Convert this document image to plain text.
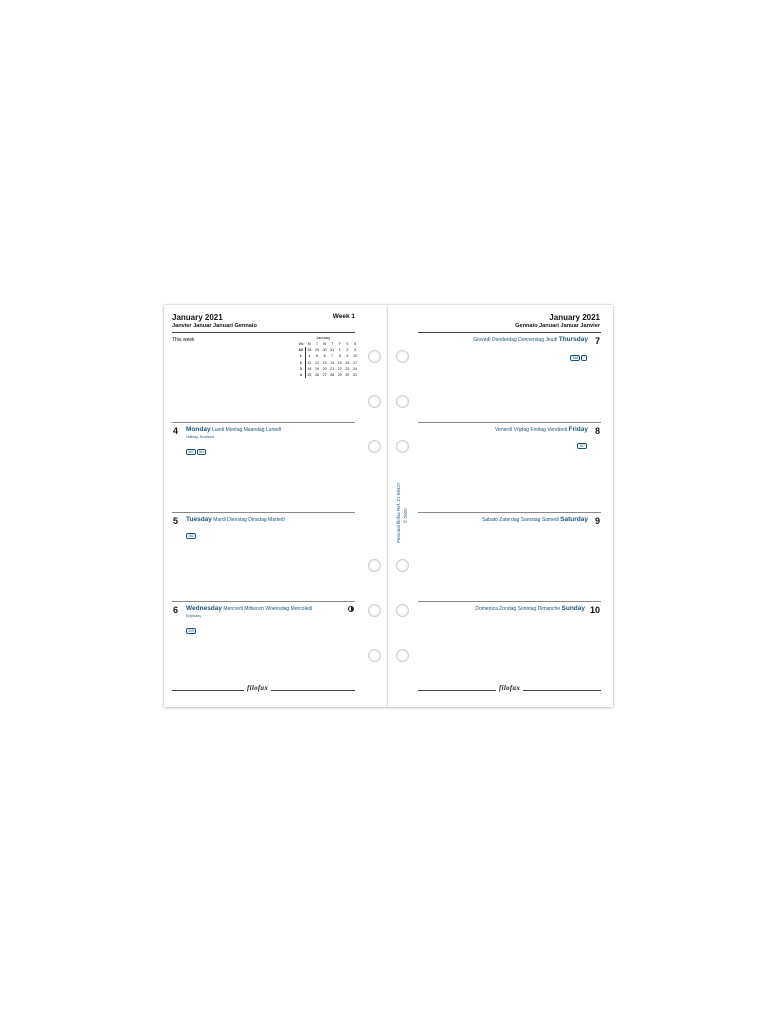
January 2021	Week 1
Janvier Januar Januari Gennaio
This week	January
Wk	M	T	W	T	F	S	S
53	28	29	30	31	1	2	3
1	4	5	6	7	8	9	10
2	11	12	13	14	15	16	17
3	18	19	20	21	22	23	24
4	25	26	27	28	29	30	31
4 Monday Lundi Montag Maandag Lunedì
Holiday, Scotland
362 361
5 Tuesday Mardi Dienstag Dinsdag Martedì
360
6 Wednesday Mercredi Mittwoch Woensdag Mercoledì
Epiphany
359
filofax
January 2021
Gennaio Januari Januar Janvier
Personal filofax Ref. 21-68427 © 2020
7
Giovedì Donderdag Donnerstag Jeudi Thursday
358 7
8
Venerdì Vrijdag Freitag Vendredi Friday
357
9
Sabato Zaterdag Samstag Samedi Saturday
10
Domenica Zondag Sonntag Dimanche Sunday
filofax
